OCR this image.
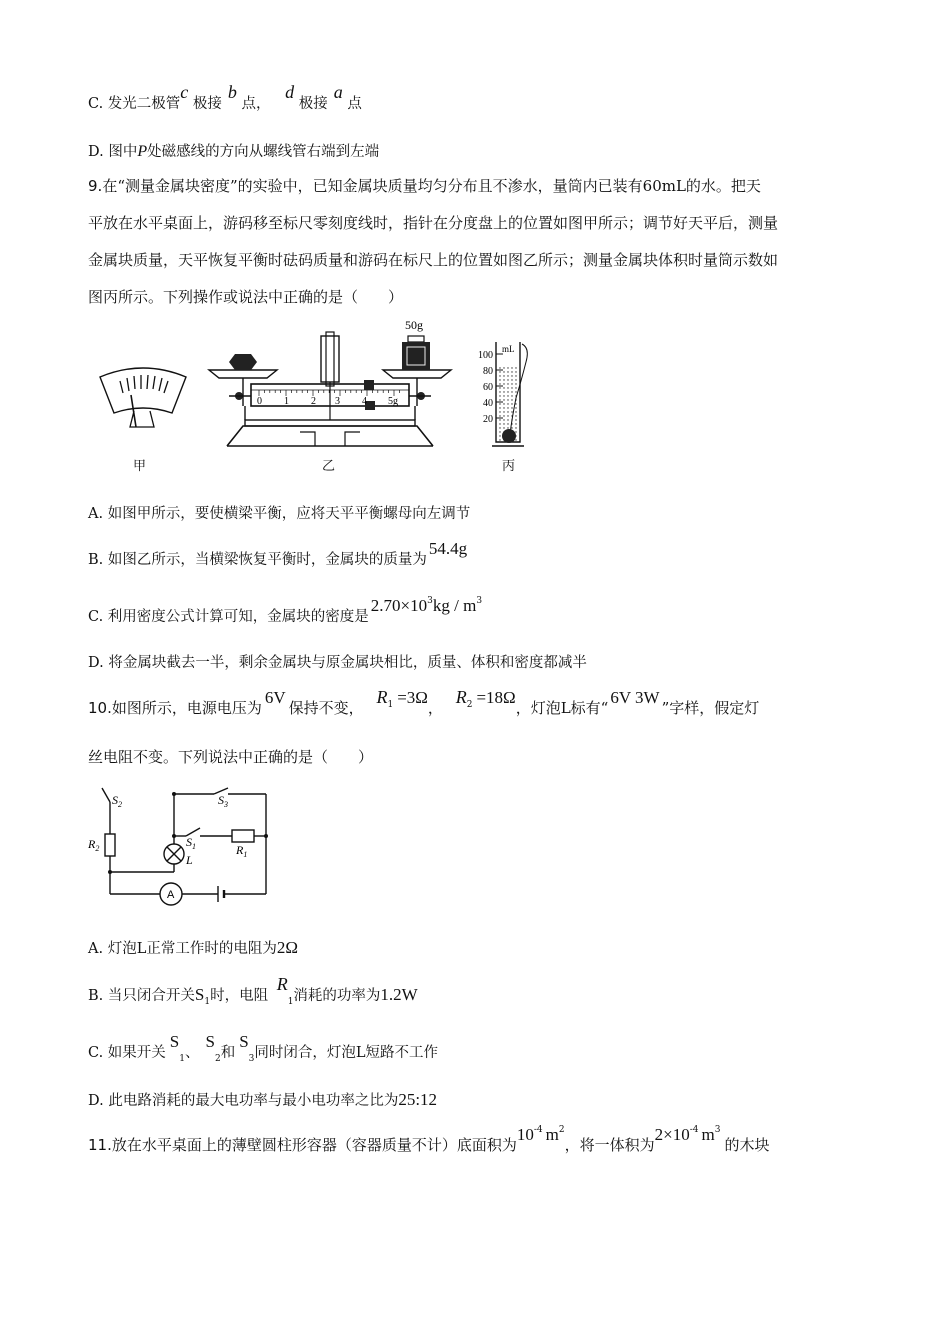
C. 发光二极管c 极接b 点， d 极接a 点
D. 图中P处磁感线的方向从螺线管右端到左端
9.在“测量金属块密度”的实验中，已知金属块质量均匀分布且不渗水，量筒内已装有60mL的水。把天
平放在水平桌面上，游码移至标尺零刻度线时，指针在分度盘上的位置如图甲所示；调节好天平后，测量
金属块质量，天平恢复平衡时砝码质量和游码在标尺上的位置如图乙所示；测量金属块体积时量筒示数如
图丙所示。下列操作或说法中正确的是（　　）
甲
50g
0 1 2 3 4 5g
乙
100
80
60
40
20
mL
丙
A. 如图甲所示，要使横梁平衡，应将天平平衡螺母向左调节
B. 如图乙所示，当横梁恢复平衡时，金属块的质量为54.4g
C. 利用密度公式计算可知，金属块的密度是$2.70\times 10^3kg / m^3$
D. 将金属块截去一半，剩余金属块与原金属块相比，质量、体积和密度都减半
10.如图所示，电源电压为6V保持不变， $R_1 =3\Omega$， $R_2 =18\Omega$，灯泡L标有“6V 3W”字样，假定灯
丝电阻不变。下列说法中正确的是（　　）
$S_2$	$S_3$
$S_1$	$R_1$
$R_2$
L
A
A. 灯泡L正常工作时的电阻为2Ω
B. 当只闭合开关$S_1$时，电阻 $R_1$消耗的功率为1.2W
C. 如果开关$S_1$、$S_2$和$S_3$同时闭合，灯泡L短路不工作
D. 此电路消耗的最大电功率与最小电功率之比为25:12
11.放在水平桌面上的薄壁圆柱形容器（容器质量不计）底面积为$10^{-4}$ $m^2$，将一体积为$2\times 10^{-4}$ $m^3$的木块
